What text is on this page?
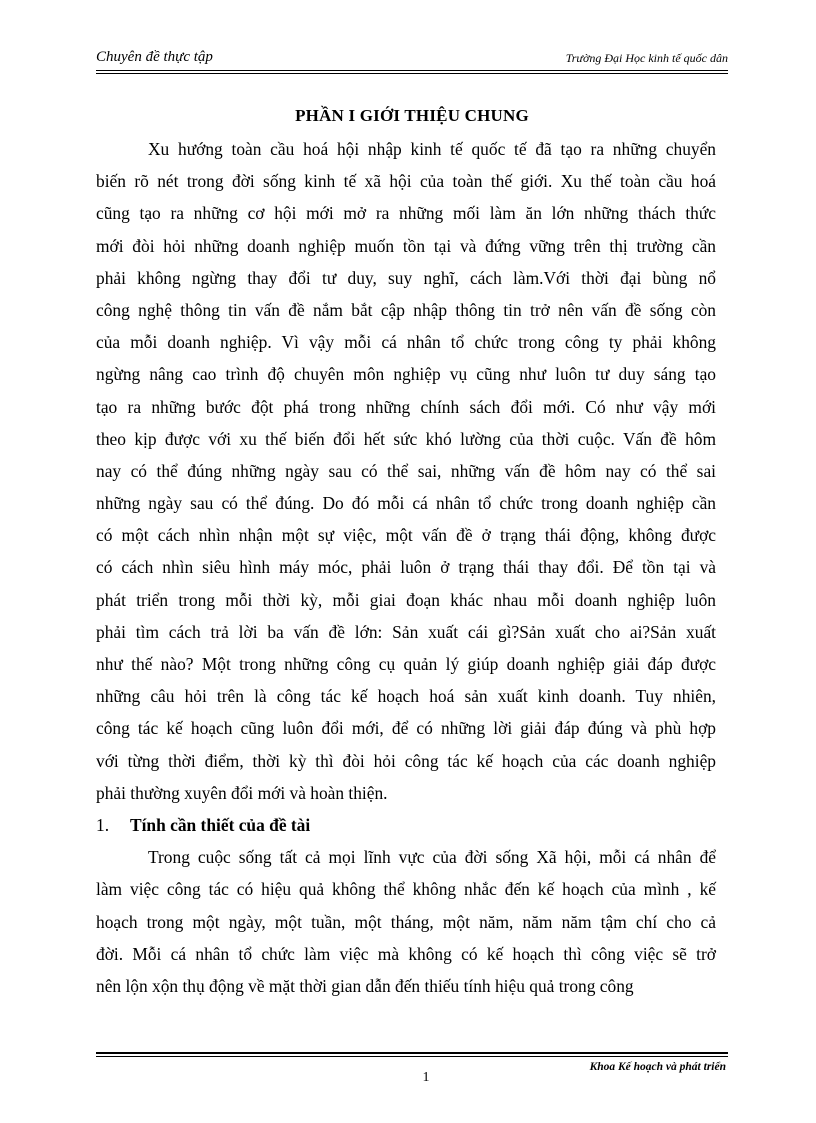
Chuyên đề thực tập	Trường Đại Học kinh tế quốc dân
PHẦN I GIỚI THIỆU CHUNG
Xu hướng toàn cầu hoá hội nhập kinh tế quốc tế đã tạo ra những chuyển
biến rõ nét trong đời sống kinh tế xã hội của toàn thế giới. Xu thế toàn cầu hoá
cũng tạo ra những cơ hội mới mở ra những mối làm ăn lớn những thách thức
mới đòi hỏi những doanh nghiệp muốn tồn tại và đứng vững trên thị trường cần
phải không ngừng thay đổi tư duy, suy nghĩ, cách làm.Với thời đại bùng nổ
công nghệ thông tin vấn đề nắm bắt cập nhập thông tin trở nên vấn đề sống còn
của mỗi doanh nghiệp. Vì vậy mỗi cá nhân tổ chức trong công ty phải không
ngừng nâng cao trình độ chuyên môn nghiệp vụ cũng như luôn tư duy sáng tạo
tạo ra những bước đột phá trong những chính sách đổi mới. Có như vậy mới
theo kịp được với xu thế biến đổi hết sức khó lường của thời cuộc. Vấn đề hôm
nay có thể đúng những ngày sau có thể sai, những vấn đề hôm nay có thể sai
những ngày sau có thể đúng. Do đó mỗi cá nhân tổ chức trong doanh nghiệp cần
có một cách nhìn nhận một sự việc, một vấn đề ở trạng thái động, không được
có cách nhìn siêu hình máy móc, phải luôn ở trạng thái thay đổi. Để tồn tại và
phát triển trong mỗi thời kỳ, mỗi giai đoạn khác nhau mỗi doanh nghiệp luôn
phải tìm cách trả lời ba vấn đề lớn: Sản xuất cái gì?Sản xuất cho ai?Sản xuất
như thế nào? Một trong những công cụ quản lý giúp doanh nghiệp giải đáp được
những câu hỏi trên là công tác kế hoạch hoá sản xuất kinh doanh. Tuy nhiên,
công tác kế hoạch cũng luôn đổi mới, để có những lời giải đáp đúng và phù hợp
với từng thời điểm, thời kỳ thì đòi hỏi công tác kế hoạch của các doanh nghiệp
phải thường xuyên đổi mới và hoàn thiện.
1. Tính cần thiết của đề tài
Trong cuộc sống tất cả mọi lĩnh vực của đời sống Xã hội, mỗi cá nhân để
làm việc công tác có hiệu quả không thể không nhắc đến kế hoạch của mình , kế
hoạch trong một ngày, một tuần, một tháng, một năm, năm năm tậm chí cho cả
đời. Mỗi cá nhân tổ chức làm việc mà không có kế hoạch thì công việc sẽ trở
nên lộn xộn thụ động về mặt thời gian dẫn đến thiếu tính hiệu quả trong công
Khoa Kế hoạch và phát triển
1
